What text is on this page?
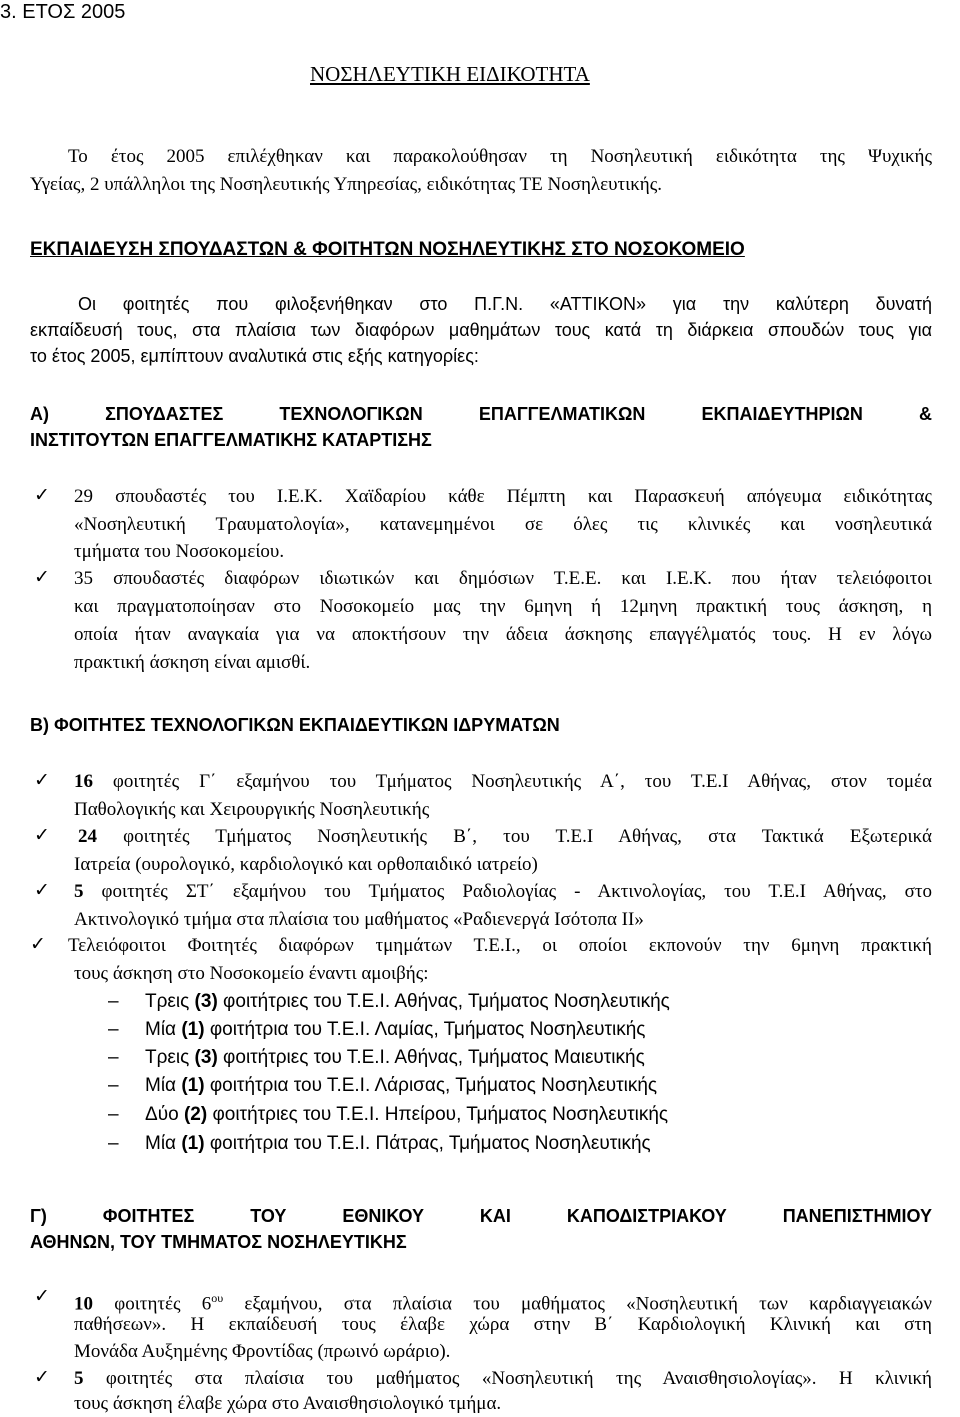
3. ΕΤΟΣ 2005
ΝΟΣΗΛΕΥΤΙΚΗ ΕΙΔΙΚΟΤΗΤΑ
Το έτος 2005 επιλέχθηκαν και παρακολούθησαν τη Νοσηλευτική ειδικότητα της Ψυχικής
Υγείας, 2 υπάλληλοι της Νοσηλευτικής Υπηρεσίας, ειδικότητας ΤΕ Νοσηλευτικής.
ΕΚΠΑΙΔΕΥΣΗ ΣΠΟΥΔΑΣΤΩΝ & ΦΟΙΤΗΤΩΝ ΝΟΣΗΛΕΥΤΙΚΗΣ ΣΤΟ ΝΟΣΟΚΟΜΕΙΟ
Οι φοιτητές που φιλοξενήθηκαν στο Π.Γ.Ν. «ΑΤΤΙΚΟΝ» για την καλύτερη δυνατή
εκπαίδευσή τους, στα πλαίσια των διαφόρων μαθημάτων τους κατά τη διάρκεια σπουδών τους για
το έτος 2005, εμπίπτουν αναλυτικά στις εξής κατηγορίες:
Α) ΣΠΟΥΔΑΣΤΕΣ ΤΕΧΝΟΛΟΓΙΚΩΝ ΕΠΑΓΓΕΛΜΑΤΙΚΩΝ ΕΚΠΑΙΔΕΥΤΗΡΙΩΝ &
ΙΝΣΤΙΤΟΥΤΩΝ ΕΠΑΓΓΕΛΜΑΤΙΚΗΣ ΚΑΤΑΡΤΙΣΗΣ
✓ 29 σπουδαστές του Ι.Ε.Κ. Χαϊδαρίου κάθε Πέμπτη και Παρασκευή απόγευμα ειδικότητας
«Νοσηλευτική Τραυματολογία», κατανεμημένοι σε όλες τις κλινικές και νοσηλευτικά
τμήματα του Νοσοκομείου.
✓ 35 σπουδαστές διαφόρων ιδιωτικών και δημόσιων Τ.Ε.Ε. και Ι.Ε.Κ. που ήταν τελειόφοιτοι
και πραγματοποίησαν στο Νοσοκομείο μας την 6μηνη ή 12μηνη πρακτική τους άσκηση, η
οποία ήταν αναγκαία για να αποκτήσουν την άδεια άσκησης επαγγέλματός τους. Η εν λόγω
πρακτική άσκηση είναι αμισθί.
Β) ΦΟΙΤΗΤΕΣ ΤΕΧΝΟΛΟΓΙΚΩΝ ΕΚΠΑΙΔΕΥΤΙΚΩΝ ΙΔΡΥΜΑΤΩΝ
✓ 16 φοιτητές Γ΄ εξαμήνου του Τμήματος Νοσηλευτικής Α΄, του Τ.Ε.Ι Αθήνας, στον τομέα
Παθολογικής και Χειρουργικής Νοσηλευτικής
✓ 24 φοιτητές Τμήματος Νοσηλευτικής Β΄, του Τ.Ε.Ι Αθήνας, στα Τακτικά Εξωτερικά
Ιατρεία (ουρολογικό, καρδιολογικό και ορθοπαιδικό ιατρείο)
✓ 5 φοιτητές ΣΤ΄ εξαμήνου του Τμήματος Ραδιολογίας - Ακτινολογίας, του Τ.Ε.Ι Αθήνας, στο
Ακτινολογικό τμήμα στα πλαίσια του μαθήματος «Ραδιενεργά Ισότοπα ΙΙ»
✓ Τελειόφοιτοι Φοιτητές διαφόρων τμημάτων Τ.Ε.Ι., οι οποίοι εκπονούν την 6μηνη πρακτική
τους άσκηση στο Νοσοκομείο έναντι αμοιβής:
– Τρεις (3) φοιτήτριες του Τ.Ε.Ι. Αθήνας, Τμήματος Νοσηλευτικής
– Μία (1) φοιτήτρια του Τ.Ε.Ι. Λαμίας, Τμήματος Νοσηλευτικής
– Τρεις (3) φοιτήτριες του Τ.Ε.Ι. Αθήνας, Τμήματος Μαιευτικής
– Μία (1) φοιτήτρια του Τ.Ε.Ι. Λάρισας, Τμήματος Νοσηλευτικής
– Δύο (2) φοιτήτριες του Τ.Ε.Ι. Ηπείρου, Τμήματος Νοσηλευτικής
– Μία (1) φοιτήτρια του Τ.Ε.Ι. Πάτρας, Τμήματος Νοσηλευτικής
Γ) ΦΟΙΤΗΤΕΣ ΤΟΥ ΕΘΝΙΚΟΥ ΚΑΙ ΚΑΠΟΔΙΣΤΡΙΑΚΟΥ ΠΑΝΕΠΙΣΤΗΜΙΟΥ
ΑΘΗΝΩΝ, ΤΟΥ ΤΜΗΜΑΤΟΣ ΝΟΣΗΛΕΥΤΙΚΗΣ
✓ 10 φοιτητές $6^{o\upsilon}$ εξαμήνου, στα πλαίσια του μαθήματος «Νοσηλευτική των καρδιαγγειακών
παθήσεων». Η εκπαίδευσή τους έλαβε χώρα στην Β΄ Καρδιολογική Κλινική και στη
Μονάδα Αυξημένης Φροντίδας (πρωινό ωράριο).
✓ 5 φοιτητές στα πλαίσια του μαθήματος «Νοσηλευτική της Αναισθησιολογίας». Η κλινική
τους άσκηση έλαβε χώρα στο Αναισθησιολογικό τμήμα.
